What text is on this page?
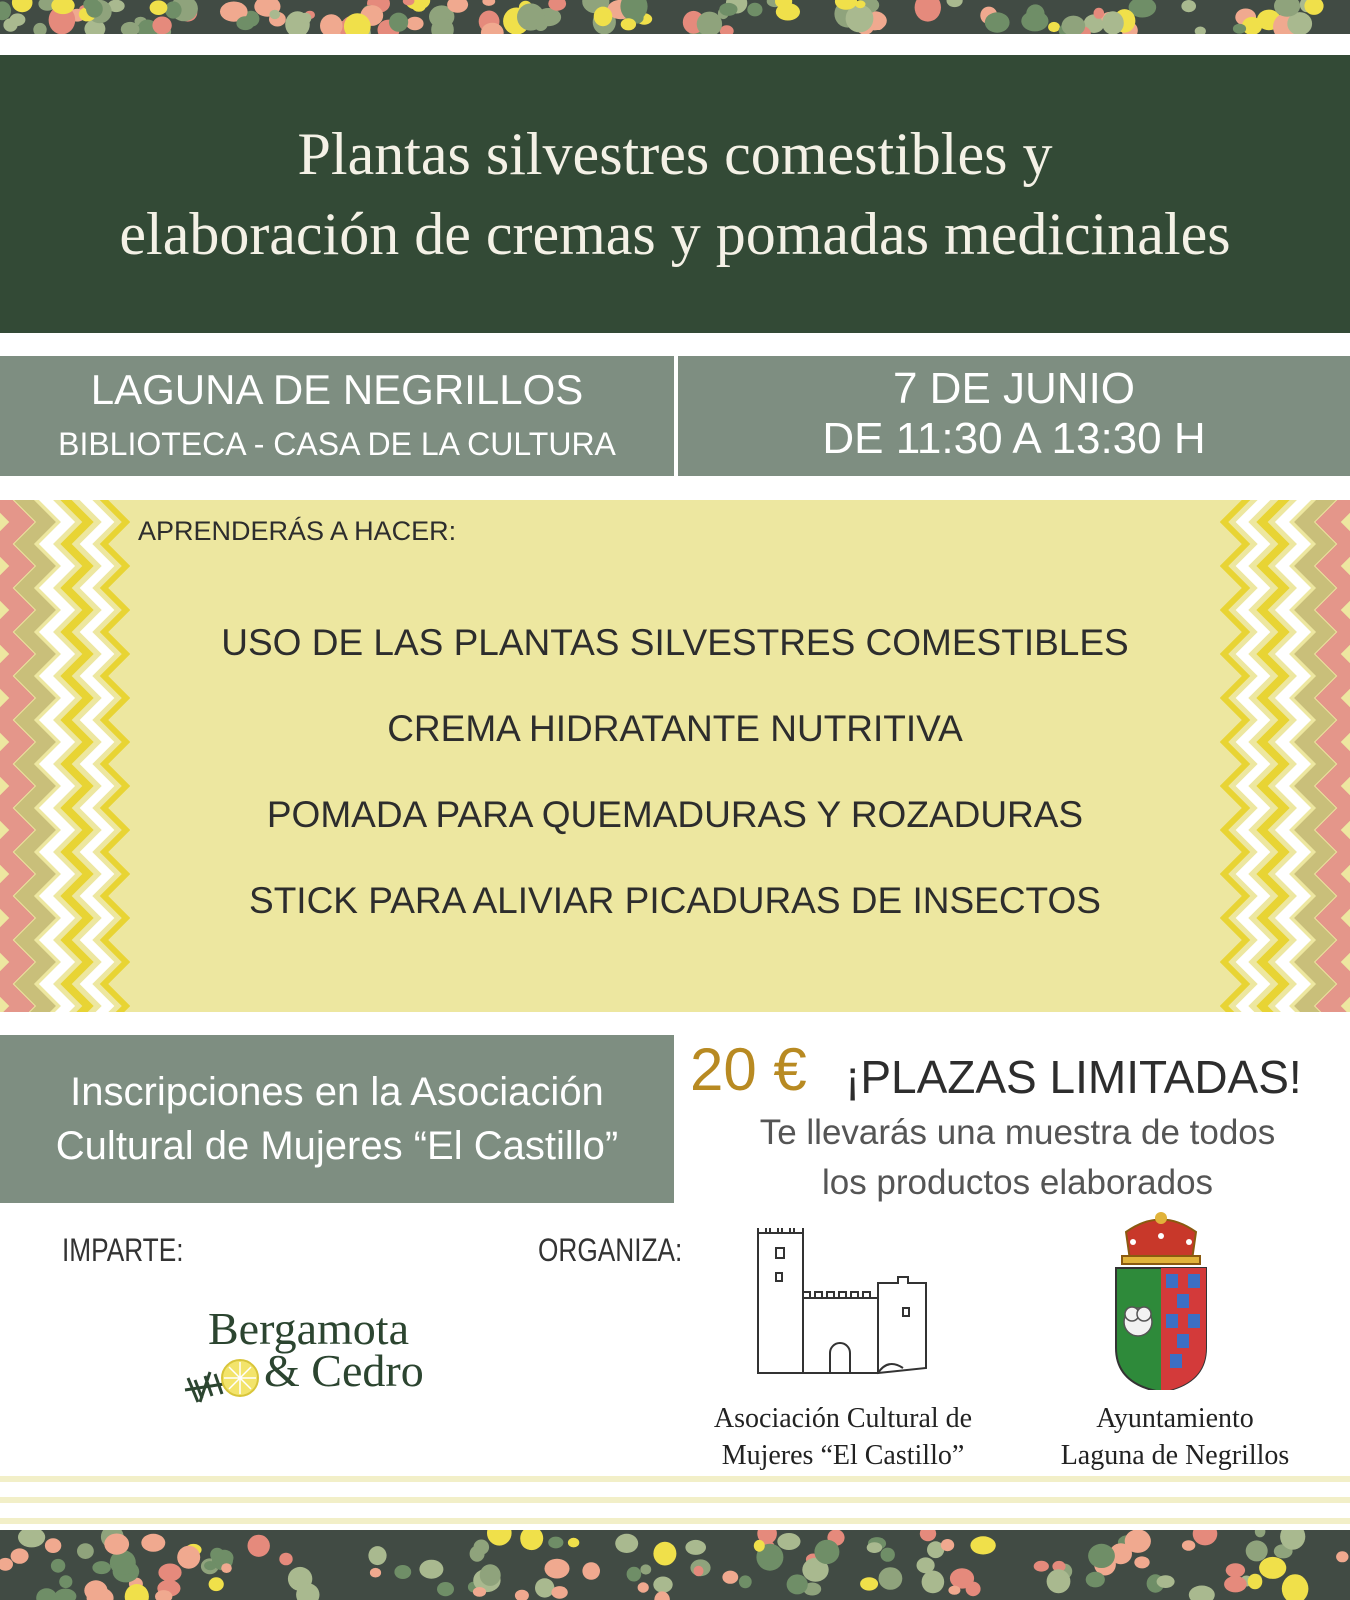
Plantas silvestres comestibles y
elaboración de cremas y pomadas medicinales
LAGUNA DE NEGRILLOS
BIBLIOTECA - CASA DE LA CULTURA
7 DE JUNIO
DE 11:30 A 13:30 H
APRENDERÁS A HACER:
USO DE LAS PLANTAS SILVESTRES COMESTIBLES
CREMA HIDRATANTE NUTRITIVA
POMADA PARA QUEMADURAS Y ROZADURAS
STICK PARA ALIVIAR PICADURAS DE INSECTOS
Inscripciones en la Asociación
Cultural de Mujeres “El Castillo”
20 € ¡PLAZAS LIMITADAS!
Te llevarás una muestra de todos
los productos elaborados
IMPARTE:	ORGANIZA:
Bergamota
& Cedro
Asociación Cultural de
Mujeres “El Castillo”
Ayuntamiento
Laguna de Negrillos
